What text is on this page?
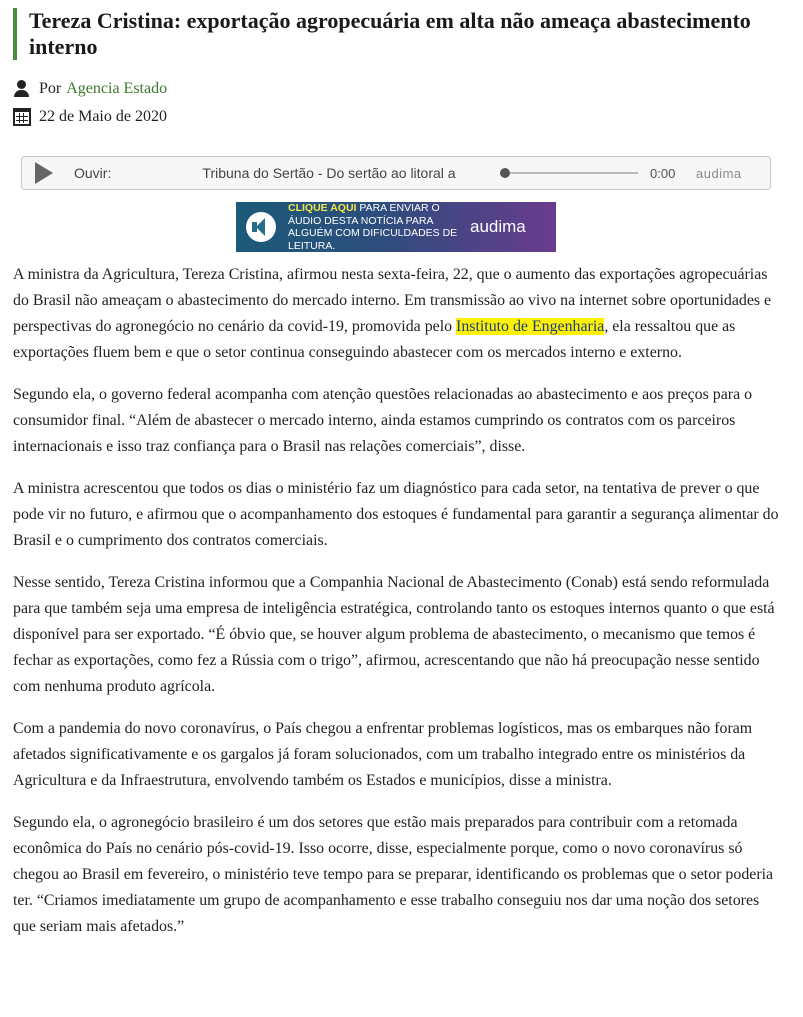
Tereza Cristina: exportação agropecuária em alta não ameaça abastecimento interno
Por Agencia Estado
22 de Maio de 2020
Ouvir:	Tribuna do Sertão - Do sertão ao litoral a	0:00	audima
CLIQUE AQUI PARA ENVIAR O ÁUDIO DESTA NOTÍCIA PARA ALGUÉM COM DIFICULDADES DE LEITURA.
audima

A ministra da Agricultura, Tereza Cristina, afirmou nesta sexta-feira, 22, que o aumento das exportações agropecuárias do Brasil não ameaçam o abastecimento do mercado interno. Em transmissão ao vivo na internet sobre oportunidades e perspectivas do agronegócio no cenário da covid-19, promovida pelo Instituto de Engenharia, ela ressaltou que as exportações fluem bem e que o setor continua conseguindo abastecer com os mercados interno e externo.

Segundo ela, o governo federal acompanha com atenção questões relacionadas ao abastecimento e aos preços para o consumidor final. “Além de abastecer o mercado interno, ainda estamos cumprindo os contratos com os parceiros internacionais e isso traz confiança para o Brasil nas relações comerciais”, disse.

A ministra acrescentou que todos os dias o ministério faz um diagnóstico para cada setor, na tentativa de prever o que pode vir no futuro, e afirmou que o acompanhamento dos estoques é fundamental para garantir a segurança alimentar do Brasil e o cumprimento dos contratos comerciais.

Nesse sentido, Tereza Cristina informou que a Companhia Nacional de Abastecimento (Conab) está sendo reformulada para que também seja uma empresa de inteligência estratégica, controlando tanto os estoques internos quanto o que está disponível para ser exportado. “É óbvio que, se houver algum problema de abastecimento, o mecanismo que temos é fechar as exportações, como fez a Rússia com o trigo”, afirmou, acrescentando que não há preocupação nesse sentido com nenhuma produto agrícola.

Com a pandemia do novo coronavírus, o País chegou a enfrentar problemas logísticos, mas os embarques não foram afetados significativamente e os gargalos já foram solucionados, com um trabalho integrado entre os ministérios da Agricultura e da Infraestrutura, envolvendo também os Estados e municípios, disse a ministra.

Segundo ela, o agronegócio brasileiro é um dos setores que estão mais preparados para contribuir com a retomada econômica do País no cenário pós-covid-19. Isso ocorre, disse, especialmente porque, como o novo coronavírus só chegou ao Brasil em fevereiro, o ministério teve tempo para se preparar, identificando os problemas que o setor poderia ter. “Criamos imediatamente um grupo de acompanhamento e esse trabalho conseguiu nos dar uma noção dos setores que seriam mais afetados.”
